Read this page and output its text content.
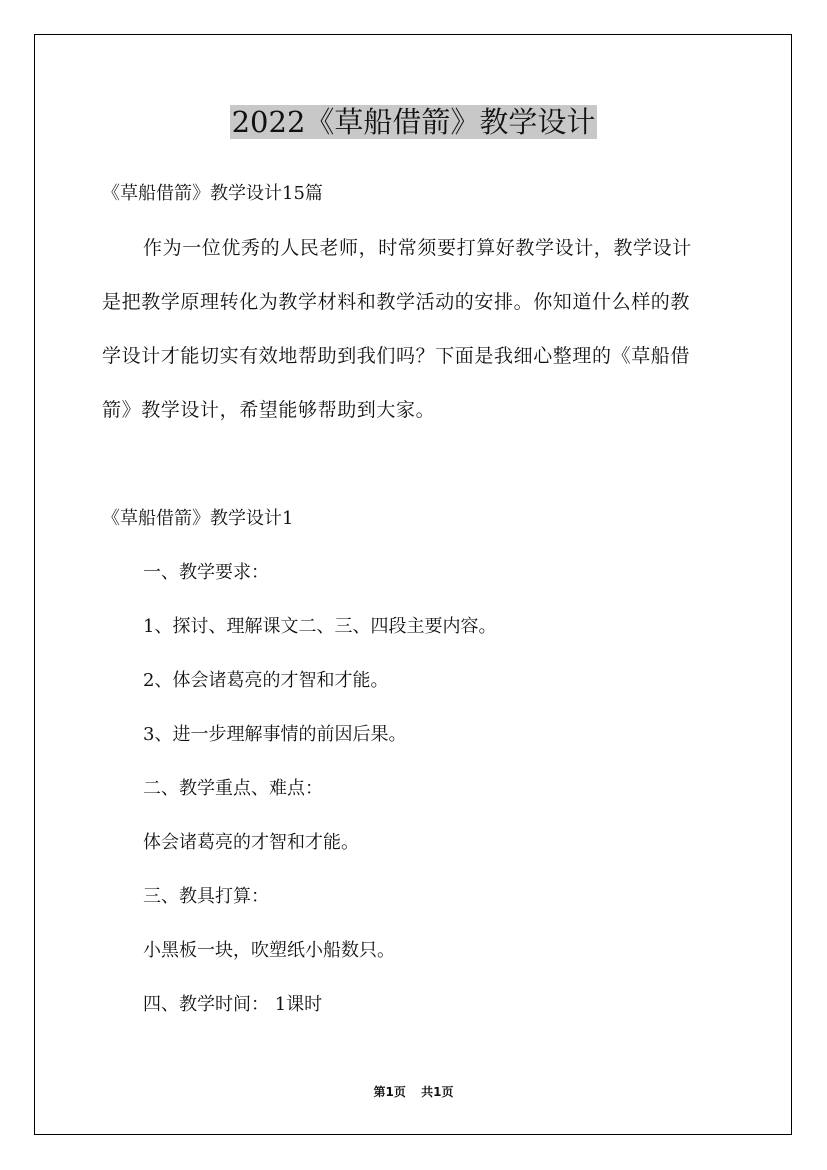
2022《草船借箭》教学设计

《草船借箭》教学设计15篇

作为一位优秀的人民老师，时常须要打算好教学设计，教学设计

是把教学原理转化为教学材料和教学活动的安排。你知道什么样的教

学设计才能切实有效地帮助到我们吗？下面是我细心整理的《草船借

箭》教学设计，希望能够帮助到大家。

《草船借箭》教学设计1

一、教学要求：

1、探讨、理解课文二、三、四段主要内容。

2、体会诸葛亮的才智和才能。

3、进一步理解事情的前因后果。

二、教学重点、难点：

体会诸葛亮的才智和才能。

三、教具打算：

小黑板一块，吹塑纸小船数只。

四、教学时间： 1课时

第1页 共1页
